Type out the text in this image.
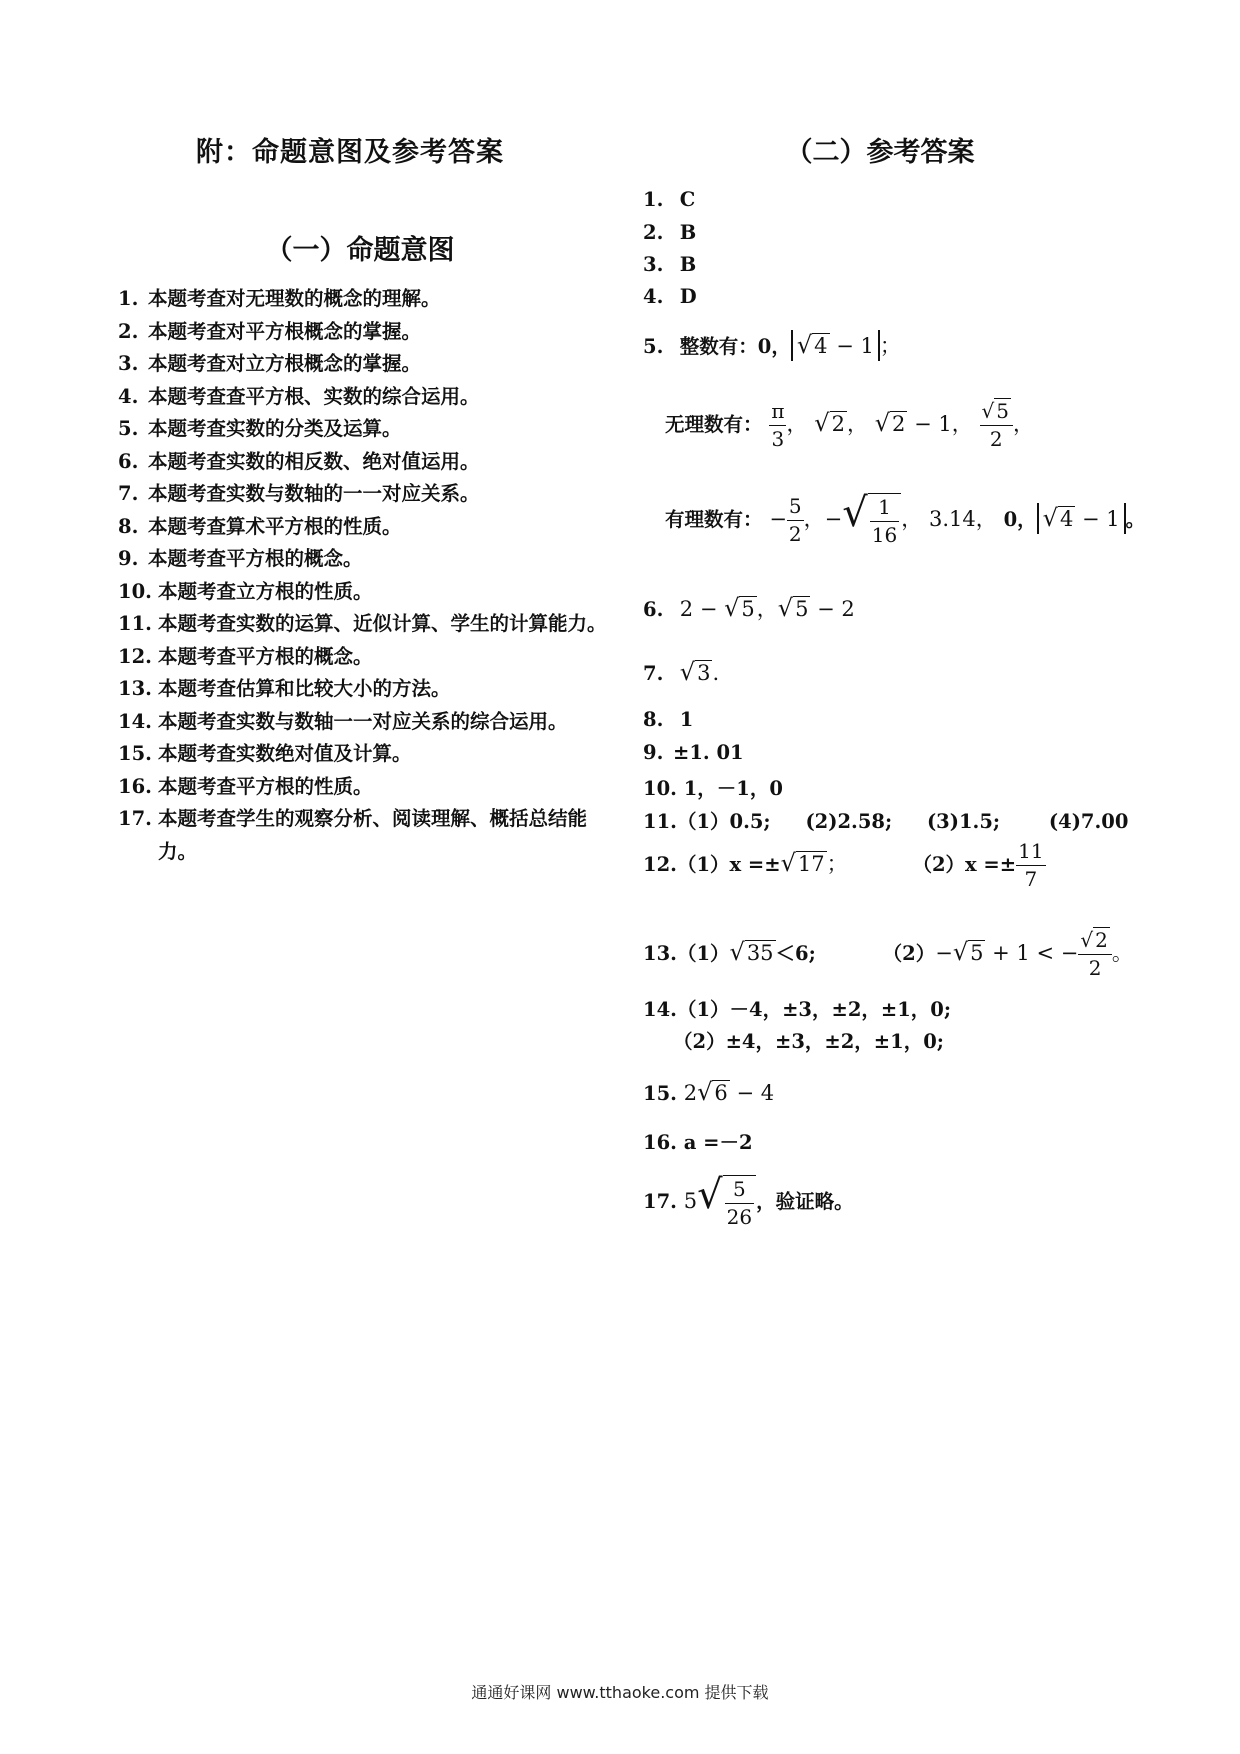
附：命题意图及参考答案
（一）命题意图
（二）参考答案
1. 本题考查对无理数的概念的理解。
2. 本题考查对平方根概念的掌握。
3. 本题考查对立方根概念的掌握。
4. 本题考查查平方根、实数的综合运用。
5. 本题考查实数的分类及运算。
6. 本题考查实数的相反数、绝对值运用。
7. 本题考查实数与数轴的一一对应关系。
8. 本题考查算术平方根的性质。
9. 本题考查平方根的概念。
10. 本题考查立方根的性质。
11. 本题考查实数的运算、近似计算、学生的计算能力。
12. 本题考查平方根的概念。
13. 本题考查估算和比较大小的方法。
14. 本题考查实数与数轴一一对应关系的综合运用。
15. 本题考查实数绝对值及计算。
16. 本题考查平方根的性质。
17. 本题考查学生的观察分析、阅读理解、概括总结能力。
1. C
2. B
3. B
4. D
5. 整数有：0， √4 − 1 ；
无理数有： $\frac{\pi}{3}$ ， √2， √2 − 1， $\frac{√ 5}{2}$ ，
有理数有： − $\frac{5}{2}$ ，−√ $\frac{1}{16}$ ， 3.14， 0， √4 − 1 。
6. 2 − √5，√5 − 2
7. √3.
8. 1
9. ±1. 01
10. 1，－1，0
11.（1）0.5; (2)2.58; (3)1.5;	(4)7.00
12.（1）x =±√17；	$(2)x =\pm \frac{11}{7}$
13.（1）√35 ＜6;	（2）−√5 + 1 < − $\frac{√ 2}{2}$ 。
14.（1）－4，±3，±2，±1，0;
（2）±4，±3，±2，±1，0;
15. 2√6 − 4
16. a =－2
17. $5√ \frac{5}{26}$ ，验证略。
通通好课网 www.tthaoke.com 提供下载
